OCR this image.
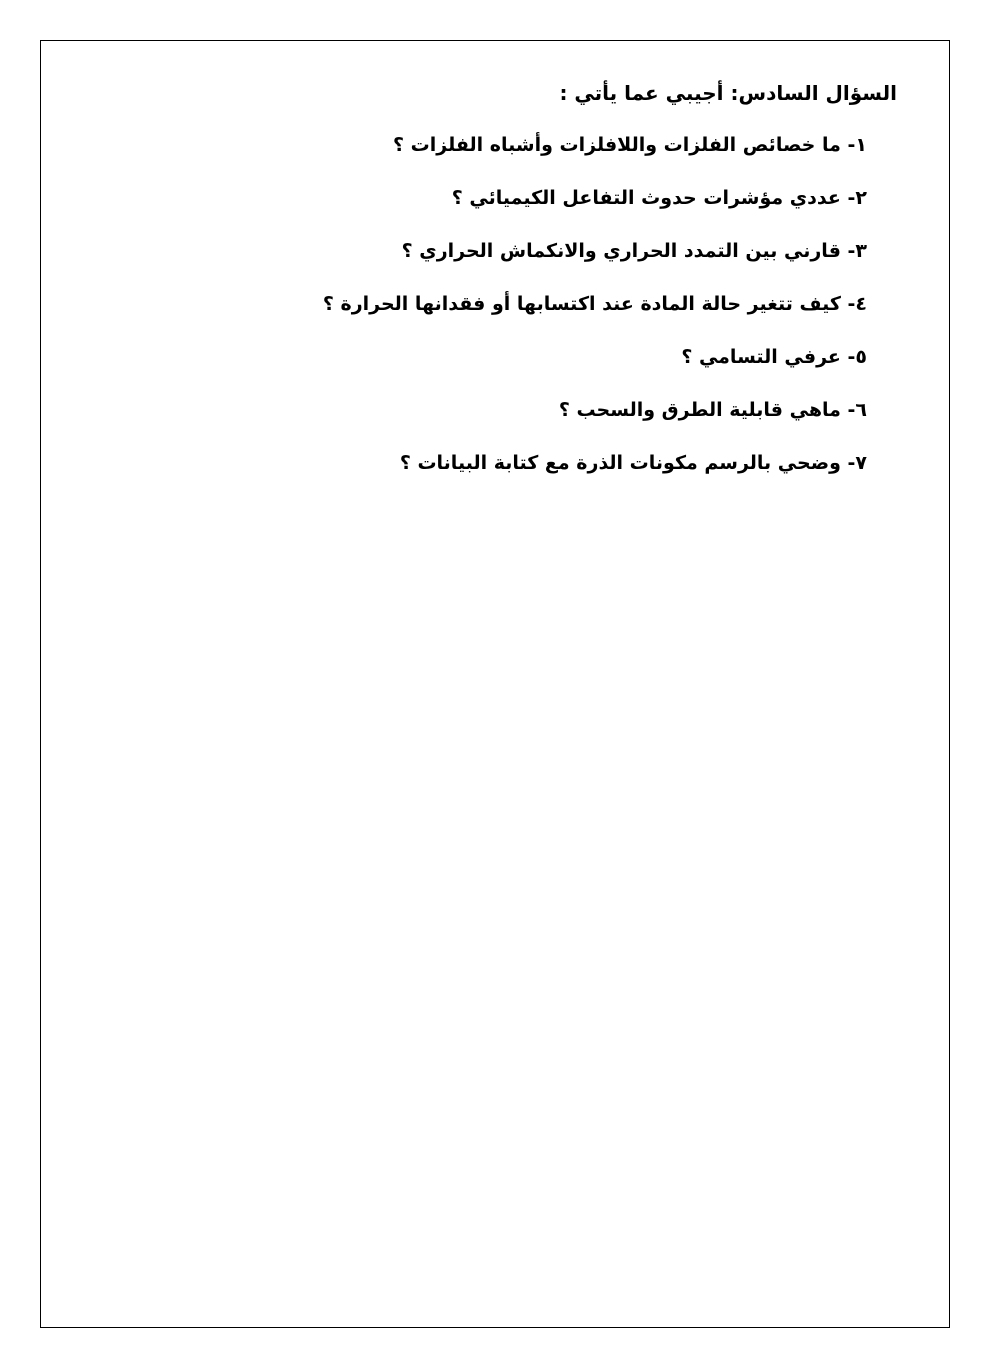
السؤال السادس: أجيبي عما يأتي :
١- ما خصائص الفلزات واللافلزات وأشباه الفلزات ؟
٢- عددي مؤشرات حدوث التفاعل الكيميائي ؟
٣- قارني بين التمدد الحراري والانكماش الحراري ؟
٤- كيف تتغير حالة المادة عند اكتسابها أو فقدانها الحرارة ؟
٥- عرفي التسامي ؟
٦- ماهي قابلية الطرق والسحب ؟
٧- وضحي بالرسم مكونات الذرة مع كتابة البيانات ؟
